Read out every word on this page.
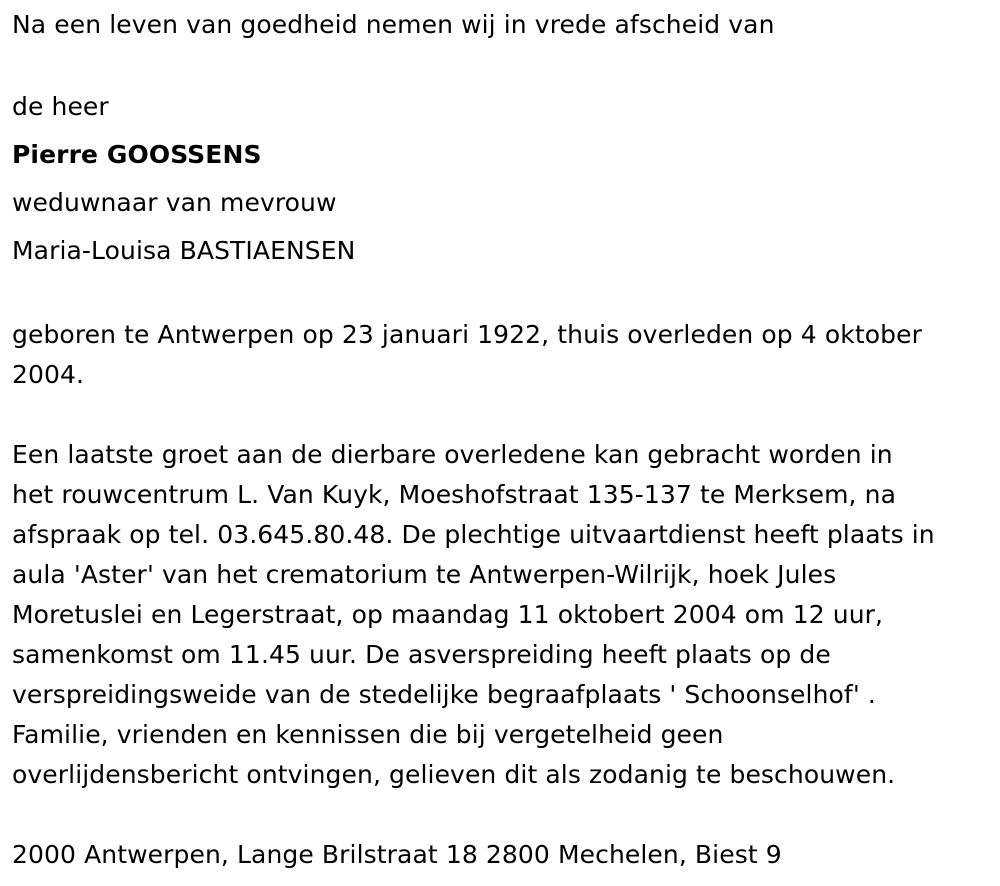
Na een leven van goedheid nemen wij in vrede afscheid van
de heer
Pierre GOOSSENS
weduwnaar van mevrouw
Maria-Louisa BASTIAENSEN
geboren te Antwerpen op 23 januari 1922, thuis overleden op 4 oktober
2004.
Een laatste groet aan de dierbare overledene kan gebracht worden in
het rouwcentrum L. Van Kuyk, Moeshofstraat 135-137 te Merksem, na
afspraak op tel. 03.645.80.48. De plechtige uitvaartdienst heeft plaats in
aula 'Aster' van het crematorium te Antwerpen-Wilrijk, hoek Jules
Moretuslei en Legerstraat, op maandag 11 oktobert 2004 om 12 uur,
samenkomst om 11.45 uur. De asverspreiding heeft plaats op de
verspreidingsweide van de stedelijke begraafplaats ' Schoonselhof' .
Familie, vrienden en kennissen die bij vergetelheid geen
overlijdensbericht ontvingen, gelieven dit als zodanig te beschouwen.
2000 Antwerpen, Lange Brilstraat 18 2800 Mechelen, Biest 9
